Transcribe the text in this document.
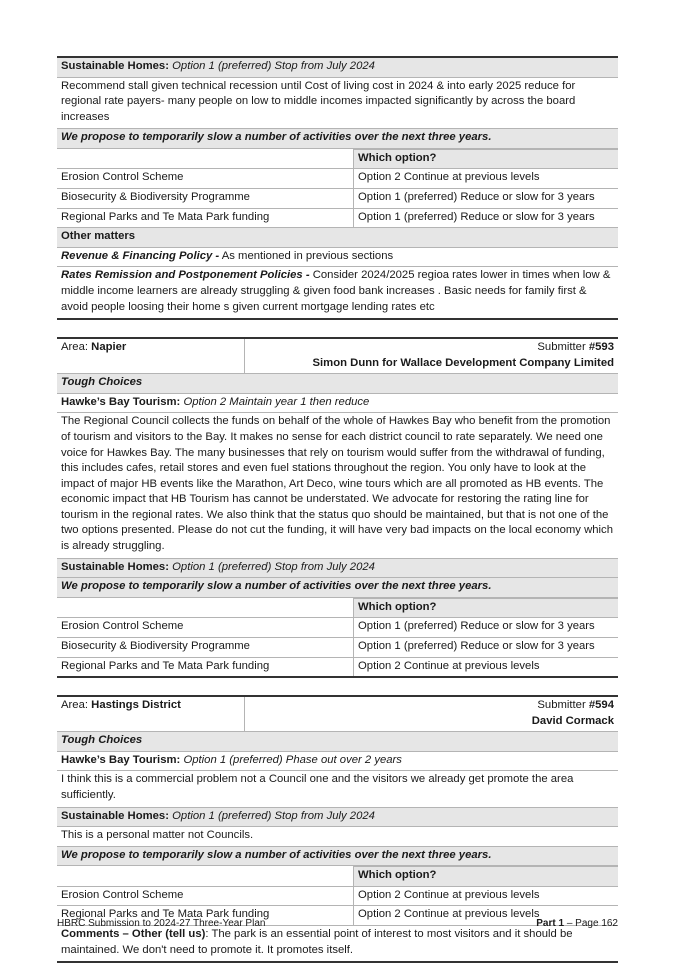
Sustainable Homes: Option 1 (preferred) Stop from July 2024
Recommend stall given technical recession until Cost of living cost in 2024 & into early 2025 reduce for regional rate payers- many people on low to middle incomes impacted significantly by across the board increases
We propose to temporarily slow a number of activities over the next three years.
Which option?
Erosion Control Scheme	Option 2 Continue at previous levels
Biosecurity & Biodiversity Programme	Option 1 (preferred) Reduce or slow for 3 years
Regional Parks and Te Mata Park funding	Option 1 (preferred) Reduce or slow for 3 years
Other matters
Revenue & Financing Policy - As mentioned in previous sections
Rates Remission and Postponement Policies - Consider 2024/2025 regioa rates lower in times when low & middle income learners are already struggling & given food bank increases . Basic needs for family first & avoid people loosing their home s given current mortgage lending rates etc
Area: Napier	Submitter #593
Simon Dunn for Wallace Development Company Limited
Tough Choices
Hawke’s Bay Tourism: Option 2 Maintain year 1 then reduce
The Regional Council collects the funds on behalf of the whole of Hawkes Bay who benefit from the promotion of tourism and visitors to the Bay. It makes no sense for each district council to rate separately. We need one voice for Hawkes Bay. The many businesses that rely on tourism would suffer from the withdrawal of funding, this includes cafes, retail stores and even fuel stations throughout the region. You only have to look at the impact of major HB events like the Marathon, Art Deco, wine tours which are all promoted as HB events. The economic impact that HB Tourism has cannot be understated. We advocate for restoring the rating line for tourism in the regional rates. We also think that the status quo should be maintained, but that is not one of the two options presented. Please do not cut the funding, it will have very bad impacts on the local economy which is already struggling.
Sustainable Homes: Option 1 (preferred) Stop from July 2024
We propose to temporarily slow a number of activities over the next three years.
Which option?
Erosion Control Scheme	Option 1 (preferred) Reduce or slow for 3 years
Biosecurity & Biodiversity Programme	Option 1 (preferred) Reduce or slow for 3 years
Regional Parks and Te Mata Park funding	Option 2 Continue at previous levels
Area: Hastings District	Submitter #594
David Cormack
Tough Choices
Hawke’s Bay Tourism: Option 1 (preferred) Phase out over 2 years
I think this is a commercial problem not a Council one and the visitors we already get promote the area sufficiently.
Sustainable Homes: Option 1 (preferred) Stop from July 2024
This is a personal matter not Councils.
We propose to temporarily slow a number of activities over the next three years.
Which option?
Erosion Control Scheme	Option 2 Continue at previous levels
Regional Parks and Te Mata Park funding	Option 2 Continue at previous levels
Comments – Other (tell us): The park is an essential point of interest to most visitors and it should be maintained. We don't need to promote it. It promotes itself.
HBRC Submission to 2024-27 Three-Year Plan	Part 1 – Page 162
